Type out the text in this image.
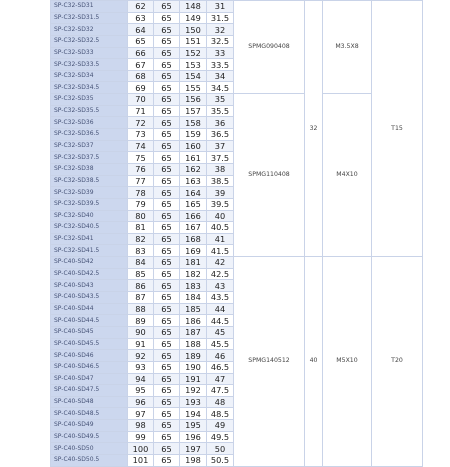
SP-C32-SD31	62	65	148	31	SPMG090408	32	M3.5X8	T15
SP-C32-SD31.5	63	65	149	31.5				
SP-C32-SD32	64	65	150	32				
SP-C32-SD32.5	65	65	151	32.5				
SP-C32-SD33	66	65	152	33				
SP-C32-SD33.5	67	65	153	33.5				
SP-C32-SD34	68	65	154	34				
SP-C32-SD34.5	69	65	155	34.5				
SP-C32-SD35	70	65	156	35	SPMG110408		M4X10	
SP-C32-SD35.5	71	65	157	35.5				
SP-C32-SD36	72	65	158	36				
SP-C32-SD36.5	73	65	159	36.5				
SP-C32-SD37	74	65	160	37				
SP-C32-SD37.5	75	65	161	37.5				
SP-C32-SD38	76	65	162	38				
SP-C32-SD38.5	77	65	163	38.5				
SP-C32-SD39	78	65	164	39				
SP-C32-SD39.5	79	65	165	39.5				
SP-C32-SD40	80	65	166	40				
SP-C32-SD40.5	81	65	167	40.5				
SP-C32-SD41	82	65	168	41				
SP-C32-SD41.5	83	65	169	41.5				
SP-C40-SD42	84	65	181	42	SPMG140512	40	M5X10	T20
SP-C40-SD42.5	85	65	182	42.5				
SP-C40-SD43	86	65	183	43				
SP-C40-SD43.5	87	65	184	43.5				
SP-C40-SD44	88	65	185	44				
SP-C40-SD44.5	89	65	186	44.5				
SP-C40-SD45	90	65	187	45				
SP-C40-SD45.5	91	65	188	45.5				
SP-C40-SD46	92	65	189	46				
SP-C40-SD46.5	93	65	190	46.5				
SP-C40-SD47	94	65	191	47				
SP-C40-SD47.5	95	65	192	47.5				
SP-C40-SD48	96	65	193	48				
SP-C40-SD48.5	97	65	194	48.5				
SP-C40-SD49	98	65	195	49				
SP-C40-SD49.5	99	65	196	49.5				
SP-C40-SD50	100	65	197	50				
SP-C40-SD50.5	101	65	198	50.5				
